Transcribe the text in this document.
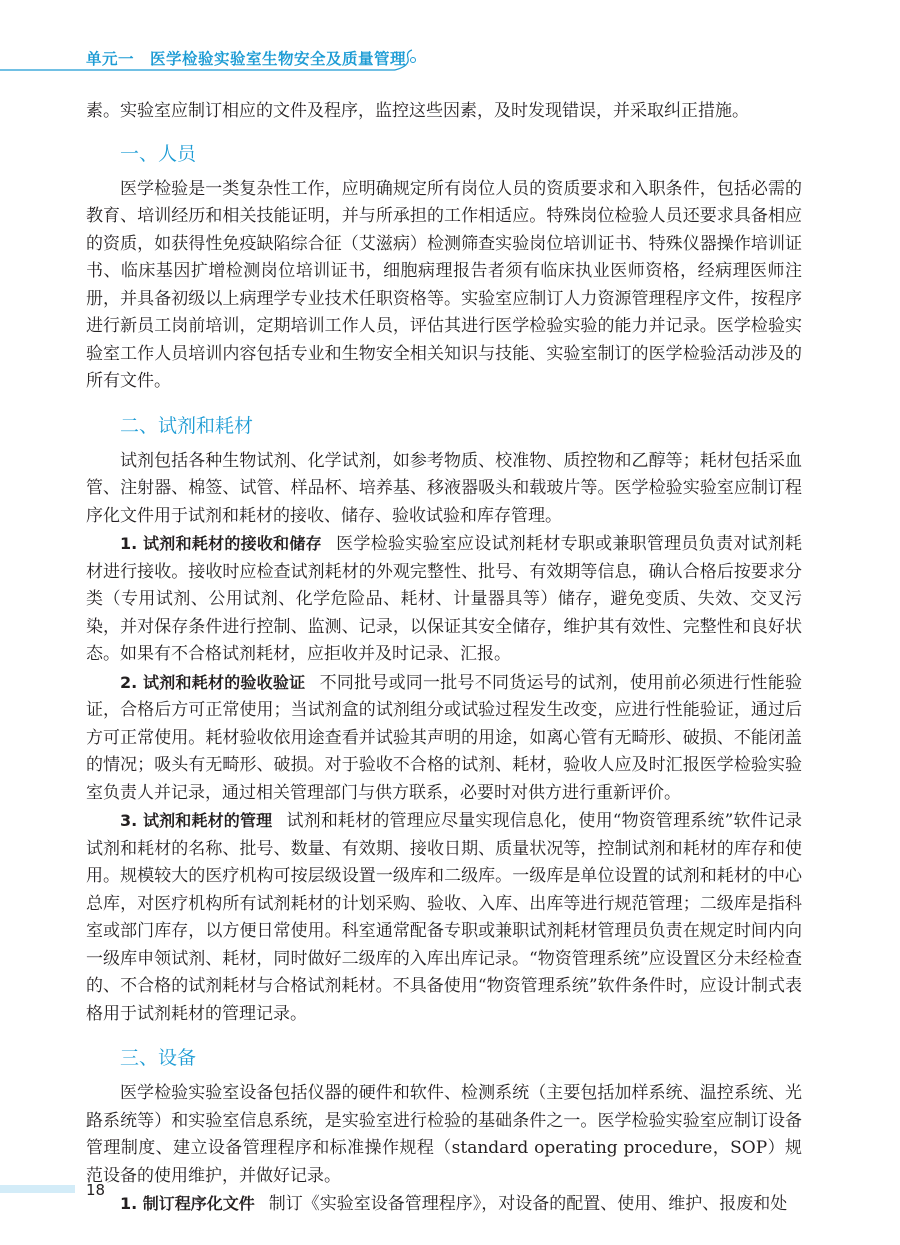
单元一　医学检验实验室生物安全及质量管理

素。实验室应制订相应的文件及程序，监控这些因素，及时发现错误，并采取纠正措施。

一、人员

医学检验是一类复杂性工作，应明确规定所有岗位人员的资质要求和入职条件，包括必需的教育、培训经历和相关技能证明，并与所承担的工作相适应。特殊岗位检验人员还要求具备相应的资质，如获得性免疫缺陷综合征（艾滋病）检测筛查实验岗位培训证书、特殊仪器操作培训证书、临床基因扩增检测岗位培训证书，细胞病理报告者须有临床执业医师资格，经病理医师注册，并具备初级以上病理学专业技术任职资格等。实验室应制订人力资源管理程序文件，按程序进行新员工岗前培训，定期培训工作人员，评估其进行医学检验实验的能力并记录。医学检验实验室工作人员培训内容包括专业和生物安全相关知识与技能、实验室制订的医学检验活动涉及的所有文件。

二、试剂和耗材

试剂包括各种生物试剂、化学试剂，如参考物质、校准物、质控物和乙醇等；耗材包括采血管、注射器、棉签、试管、样品杯、培养基、移液器吸头和载玻片等。医学检验实验室应制订程序化文件用于试剂和耗材的接收、储存、验收试验和库存管理。

1. 试剂和耗材的接收和储存 医学检验实验室应设试剂耗材专职或兼职管理员负责对试剂耗材进行接收。接收时应检查试剂耗材的外观完整性、批号、有效期等信息，确认合格后按要求分类（专用试剂、公用试剂、化学危险品、耗材、计量器具等）储存，避免变质、失效、交叉污染，并对保存条件进行控制、监测、记录，以保证其安全储存，维护其有效性、完整性和良好状态。如果有不合格试剂耗材，应拒收并及时记录、汇报。

2. 试剂和耗材的验收验证 不同批号或同一批号不同货运号的试剂，使用前必须进行性能验证，合格后方可正常使用；当试剂盒的试剂组分或试验过程发生改变，应进行性能验证，通过后方可正常使用。耗材验收依用途查看并试验其声明的用途，如离心管有无畸形、破损、不能闭盖的情况；吸头有无畸形、破损。对于验收不合格的试剂、耗材，验收人应及时汇报医学检验实验室负责人并记录，通过相关管理部门与供方联系，必要时对供方进行重新评价。

3. 试剂和耗材的管理 试剂和耗材的管理应尽量实现信息化，使用“物资管理系统”软件记录试剂和耗材的名称、批号、数量、有效期、接收日期、质量状况等，控制试剂和耗材的库存和使用。规模较大的医疗机构可按层级设置一级库和二级库。一级库是单位设置的试剂和耗材的中心总库，对医疗机构所有试剂耗材的计划采购、验收、入库、出库等进行规范管理；二级库是指科室或部门库存，以方便日常使用。科室通常配备专职或兼职试剂耗材管理员负责在规定时间内向一级库申领试剂、耗材，同时做好二级库的入库出库记录。“物资管理系统”应设置区分未经检查的、不合格的试剂耗材与合格试剂耗材。不具备使用“物资管理系统”软件条件时，应设计制式表格用于试剂耗材的管理记录。

三、设备

医学检验实验室设备包括仪器的硬件和软件、检测系统（主要包括加样系统、温控系统、光路系统等）和实验室信息系统，是实验室进行检验的基础条件之一。医学检验实验室应制订设备管理制度、建立设备管理程序和标准操作规程（standard operating procedure，SOP）规范设备的使用维护，并做好记录。

1. 制订程序化文件 制订《实验室设备管理程序》，对设备的配置、使用、维护、报废和处

18
